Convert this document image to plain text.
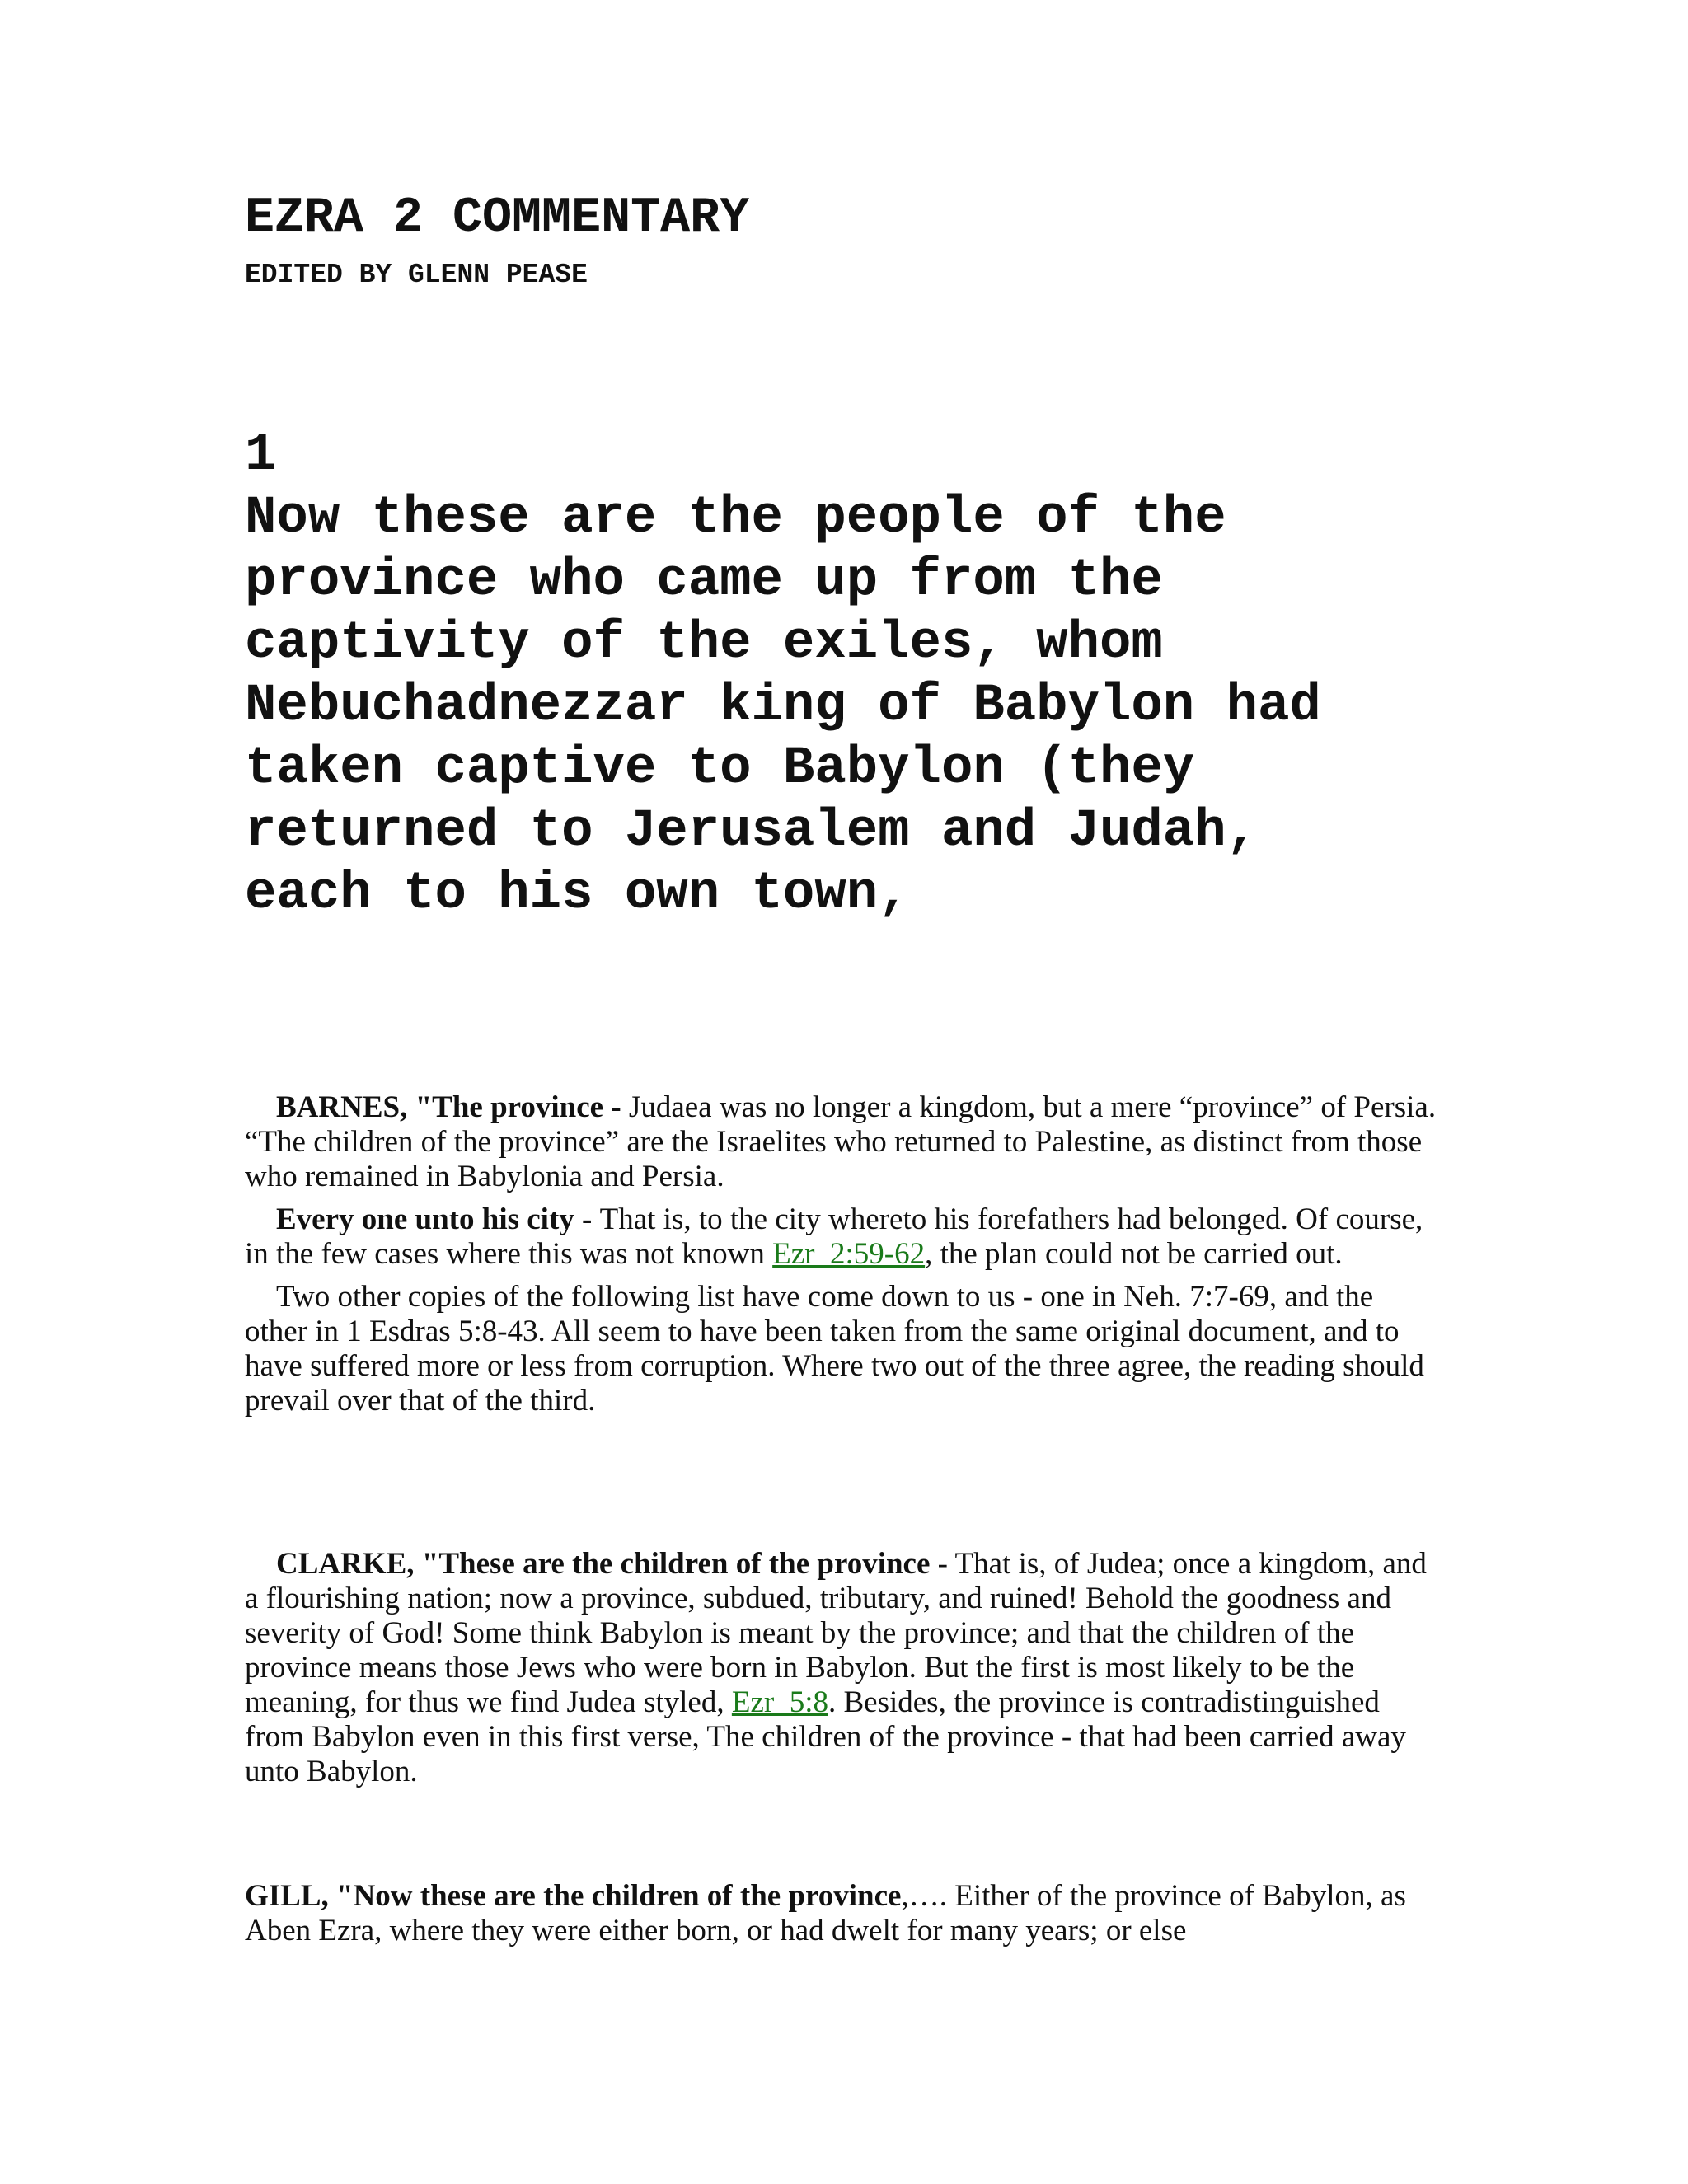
EZRA 2 COMMENTARY
EDITED BY GLENN PEASE
1
Now these are the people of the
province who came up from the
captivity of the exiles, whom
Nebuchadnezzar king of Babylon had
taken captive to Babylon (they
returned to Jerusalem and Judah,
each to his own town,

BARNES, "The province - Judaea was no longer a kingdom, but a mere “province” of Persia. “The children of the province” are the Israelites who returned to Palestine, as distinct from those who remained in Babylonia and Persia.

Every one unto his city - That is, to the city whereto his forefathers had belonged. Of course, in the few cases where this was not known Ezr_2:59-62, the plan could not be carried out.

Two other copies of the following list have come down to us - one in Neh. 7:7-69, and the other in 1 Esdras 5:8-43. All seem to have been taken from the same original document, and to have suffered more or less from corruption. Where two out of the three agree, the reading should prevail over that of the third.

CLARKE, "These are the children of the province - That is, of Judea; once a kingdom, and a flourishing nation; now a province, subdued, tributary, and ruined! Behold the goodness and severity of God! Some think Babylon is meant by the province; and that the children of the province means those Jews who were born in Babylon. But the first is most likely to be the meaning, for thus we find Judea styled, Ezr_5:8. Besides, the province is contradistinguished from Babylon even in this first verse, The children of the province - that had been carried away unto Babylon.

GILL, "Now these are the children of the province,…. Either of the province of Babylon, as Aben Ezra, where they were either born, or had dwelt for many years; or else
